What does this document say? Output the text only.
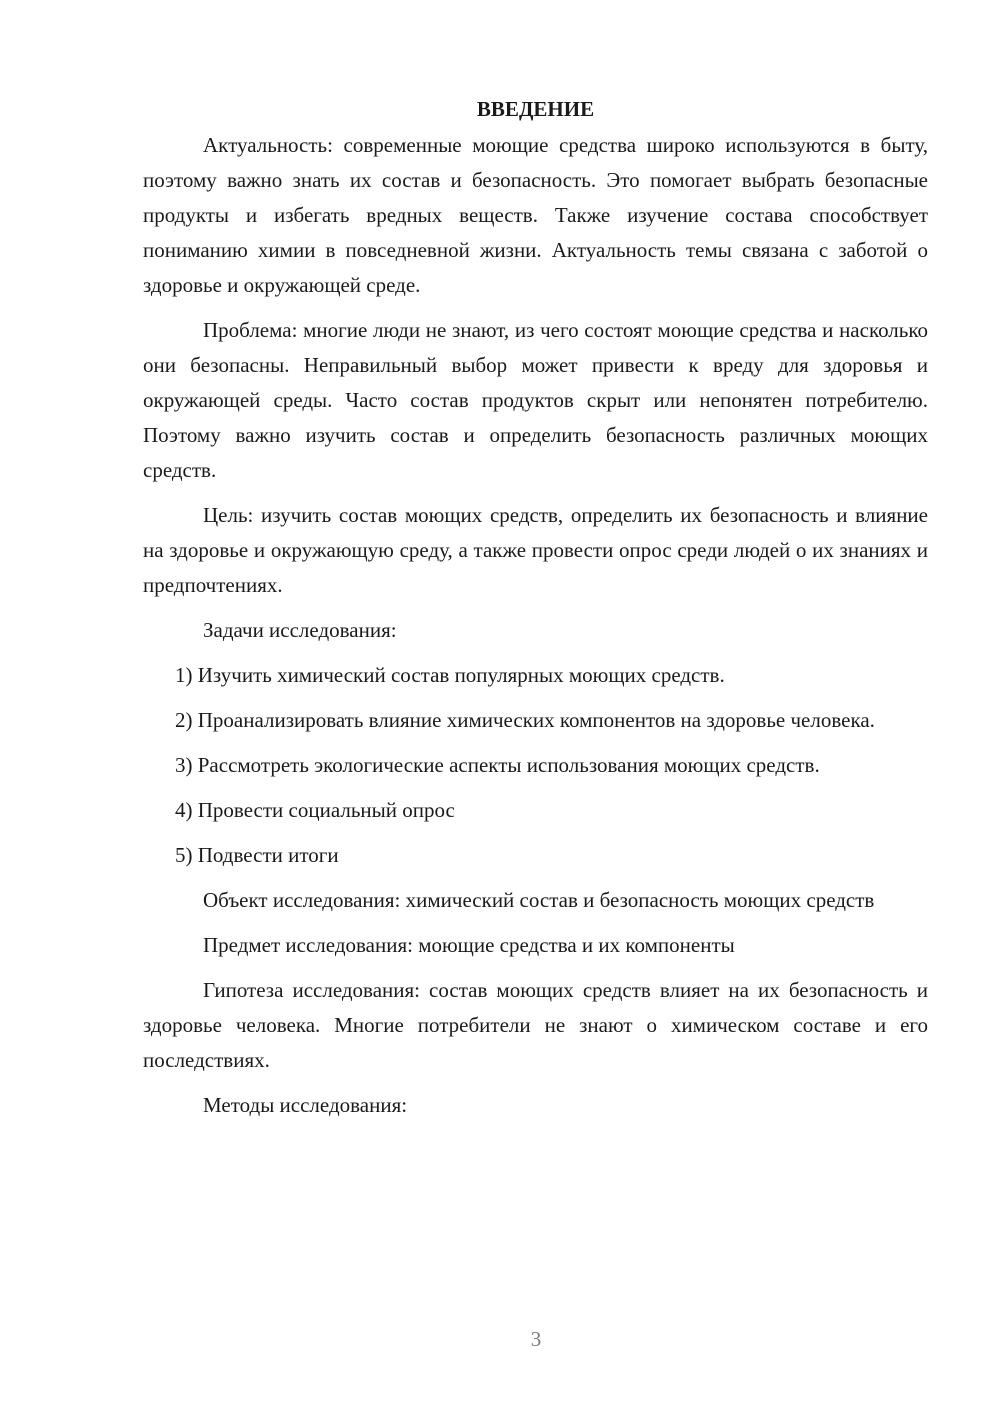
ВВЕДЕНИЕ

Актуальность: современные моющие средства широко используются в быту, поэтому важно знать их состав и безопасность. Это помогает выбрать безопасные продукты и избегать вредных веществ. Также изучение состава способствует пониманию химии в повседневной жизни. Актуальность темы связана с заботой о здоровье и окружающей среде.

Проблема: многие люди не знают, из чего состоят моющие средства и насколько они безопасны. Неправильный выбор может привести к вреду для здоровья и окружающей среды. Часто состав продуктов скрыт или непонятен потребителю. Поэтому важно изучить состав и определить безопасность различных моющих средств.

Цель: изучить состав моющих средств, определить их безопасность и влияние на здоровье и окружающую среду, а также провести опрос среди людей о их знаниях и предпочтениях.

Задачи исследования:

1) Изучить химический состав популярных моющих средств.

2) Проанализировать влияние химических компонентов на здоровье человека.

3) Рассмотреть экологические аспекты использования моющих средств.

4) Провести социальный опрос

5) Подвести итоги

Объект исследования: химический состав и безопасность моющих средств

Предмет исследования: моющие средства и их компоненты

Гипотеза исследования: состав моющих средств влияет на их безопасность и здоровье человека. Многие потребители не знают о химическом составе и его последствиях.

Методы исследования:

3
